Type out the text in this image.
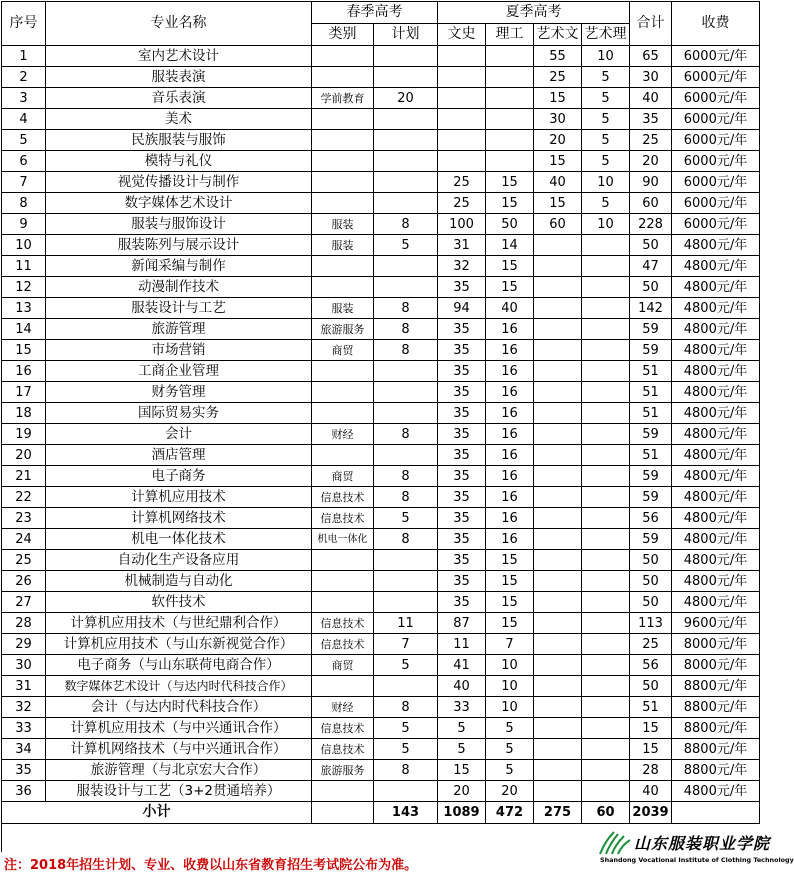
序号	专业名称	春季高考		夏季高考				合计	收费
		类别	计划	文史	理工	艺术文	艺术理		
1	室内艺术设计					55	10	65	6000元/年
2	服装表演					25	5	30	6000元/年
3	音乐表演	学前教育	20			15	5	40	6000元/年
4	美术					30	5	35	6000元/年
5	民族服装与服饰					20	5	25	6000元/年
6	模特与礼仪					15	5	20	6000元/年
7	视觉传播设计与制作			25	15	40	10	90	6000元/年
8	数字媒体艺术设计			25	15	15	5	60	6000元/年
9	服装与服饰设计	服装	8	100	50	60	10	228	6000元/年
10	服装陈列与展示设计	服装	5	31	14			50	4800元/年
11	新闻采编与制作			32	15			47	4800元/年
12	动漫制作技术			35	15			50	4800元/年
13	服装设计与工艺	服装	8	94	40			142	4800元/年
14	旅游管理	旅游服务	8	35	16			59	4800元/年
15	市场营销	商贸	8	35	16			59	4800元/年
16	工商企业管理			35	16			51	4800元/年
17	财务管理			35	16			51	4800元/年
18	国际贸易实务			35	16			51	4800元/年
19	会计	财经	8	35	16			59	4800元/年
20	酒店管理			35	16			51	4800元/年
21	电子商务	商贸	8	35	16			59	4800元/年
22	计算机应用技术	信息技术	8	35	16			59	4800元/年
23	计算机网络技术	信息技术	5	35	16			56	4800元/年
24	机电一体化技术	机电一体化	8	35	16			59	4800元/年
25	自动化生产设备应用			35	15			50	4800元/年
26	机械制造与自动化			35	15			50	4800元/年
27	软件技术			35	15			50	4800元/年
28	计算机应用技术（与世纪鼎利合作）	信息技术	11	87	15			113	9600元/年
29	计算机应用技术（与山东新视觉合作）	信息技术	7	11	7			25	8000元/年
30	电子商务（与山东联荷电商合作）	商贸	5	41	10			56	8000元/年
31	数字媒体艺术设计（与达内时代科技合作）			40	10			50	8800元/年
32	会计（与达内时代科技合作）	财经	8	33	10			51	8800元/年
33	计算机应用技术（与中兴通讯合作）	信息技术	5	5	5			15	8800元/年
34	计算机网络技术（与中兴通讯合作）	信息技术	5	5	5			15	8800元/年
35	旅游管理（与北京宏大合作）	旅游服务	8	15	5			28	8800元/年
36	服装设计与工艺（3+2贯通培养）			20	20			40	4800元/年
小计			143	1089	472	275	60	2039	
注：2018年招生计划、专业、收费以山东省教育招生考试院公布为准。
山东服装职业学院
Shandong Vocational Institute of Clothing Technology
